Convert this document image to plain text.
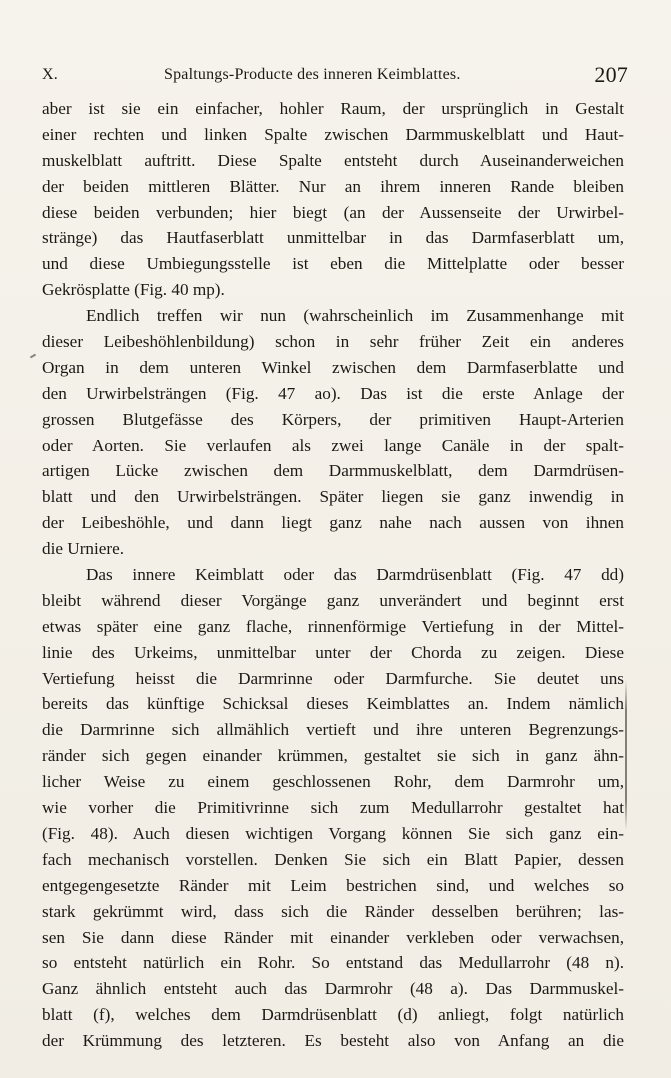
X.	Spaltungs-Producte des inneren Keimblattes.	207
aber ist sie ein einfacher, hohler Raum, der ursprünglich in Gestalt
einer rechten und linken Spalte zwischen Darmmuskelblatt und Haut-
muskelblatt auftritt. Diese Spalte entsteht durch Auseinanderweichen
der beiden mittleren Blätter. Nur an ihrem inneren Rande bleiben
diese beiden verbunden; hier biegt (an der Aussenseite der Urwirbel-
stränge) das Hautfaserblatt unmittelbar in das Darmfaserblatt um,
und diese Umbiegungsstelle ist eben die Mittelplatte oder besser
Gekrösplatte (Fig. 40 mp).
Endlich treffen wir nun (wahrscheinlich im Zusammenhange mit
dieser Leibeshöhlenbildung) schon in sehr früher Zeit ein anderes
Organ in dem unteren Winkel zwischen dem Darmfaserblatte und
den Urwirbelsträngen (Fig. 47 ao). Das ist die erste Anlage der
grossen Blutgefässe des Körpers, der primitiven Haupt-Arterien
oder Aorten. Sie verlaufen als zwei lange Canäle in der spalt-
artigen Lücke zwischen dem Darmmuskelblatt, dem Darmdrüsen-
blatt und den Urwirbelsträngen. Später liegen sie ganz inwendig in
der Leibeshöhle, und dann liegt ganz nahe nach aussen von ihnen
die Urniere.
Das innere Keimblatt oder das Darmdrüsenblatt (Fig. 47 dd)
bleibt während dieser Vorgänge ganz unverändert und beginnt erst
etwas später eine ganz flache, rinnenförmige Vertiefung in der Mittel-
linie des Urkeims, unmittelbar unter der Chorda zu zeigen. Diese
Vertiefung heisst die Darmrinne oder Darmfurche. Sie deutet uns
bereits das künftige Schicksal dieses Keimblattes an. Indem nämlich
die Darmrinne sich allmählich vertieft und ihre unteren Begrenzungs-
ränder sich gegen einander krümmen, gestaltet sie sich in ganz ähn-
licher Weise zu einem geschlossenen Rohr, dem Darmrohr um,
wie vorher die Primitivrinne sich zum Medullarrohr gestaltet hat
(Fig. 48). Auch diesen wichtigen Vorgang können Sie sich ganz ein-
fach mechanisch vorstellen. Denken Sie sich ein Blatt Papier, dessen
entgegengesetzte Ränder mit Leim bestrichen sind, und welches so
stark gekrümmt wird, dass sich die Ränder desselben berühren; las-
sen Sie dann diese Ränder mit einander verkleben oder verwachsen,
so entsteht natürlich ein Rohr. So entstand das Medullarrohr (48 n).
Ganz ähnlich entsteht auch das Darmrohr (48 a). Das Darmmuskel-
blatt (f), welches dem Darmdrüsenblatt (d) anliegt, folgt natürlich
der Krümmung des letzteren. Es besteht also von Anfang an die
